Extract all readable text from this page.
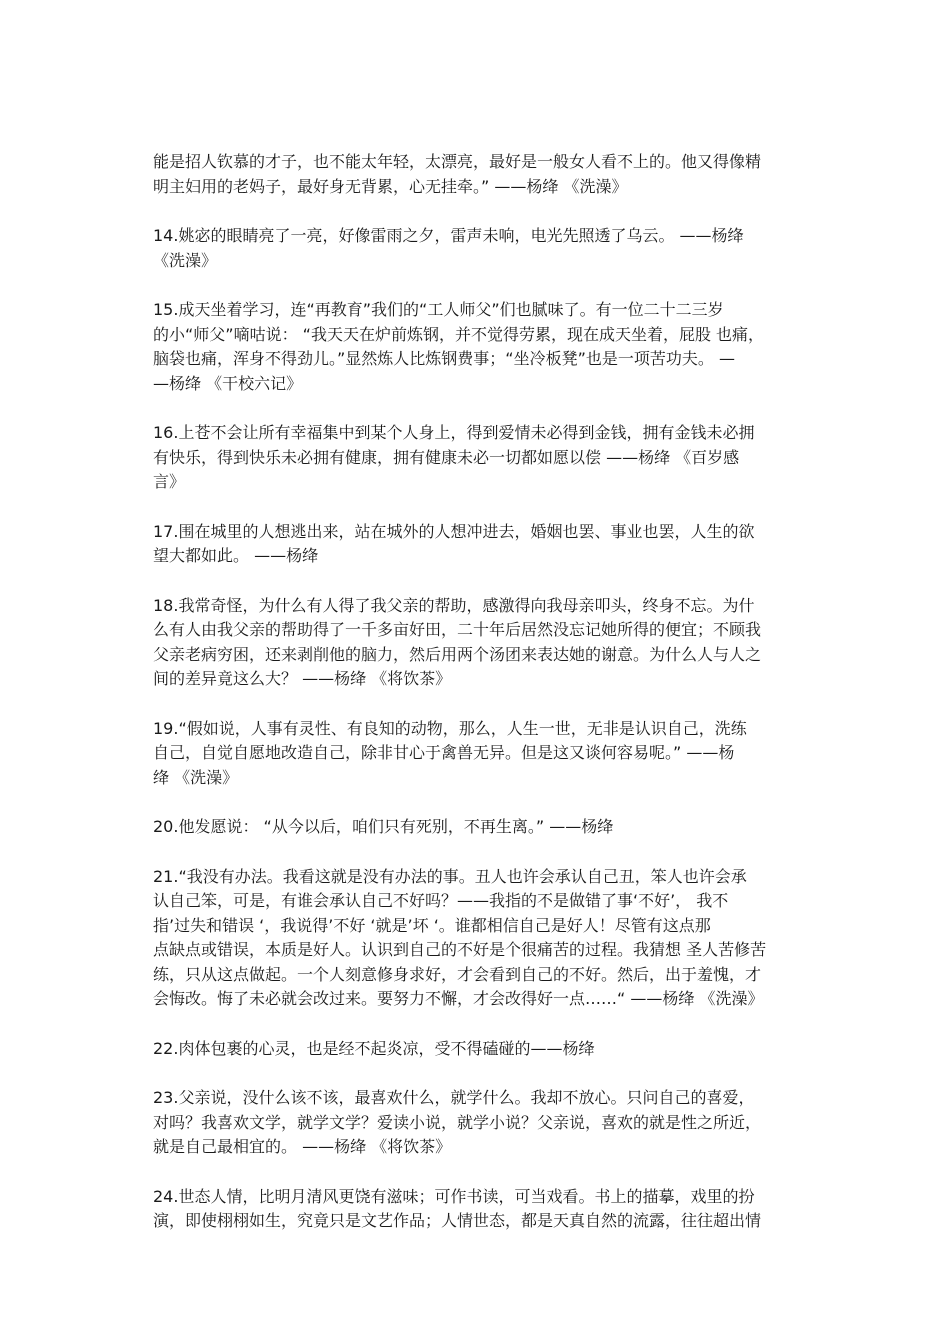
能是招人钦慕的才子，也不能太年轻，太漂亮，最好是一般女人看不上的。他又得像精
明主妇用的老妈子，最好身无背累，心无挂牵。” ——杨绛 《洗澡》

14.姚宓的眼睛亮了一亮，好像雷雨之夕，雷声未响，电光先照透了乌云。 ——杨绛
《洗澡》

15.成天坐着学习，连“再教育”我们的“工人师父”们也腻味了。有一位二十二三岁
的小“师父”嘀咕说： “我天天在炉前炼钢，并不觉得劳累，现在成天坐着，屁股 也痛，
脑袋也痛，浑身不得劲儿。”显然炼人比炼钢费事；“坐冷板凳”也是一项苦功夫。 —
—杨绛 《干校六记》

16.上苍不会让所有幸福集中到某个人身上，得到爱情未必得到金钱，拥有金钱未必拥
有快乐，得到快乐未必拥有健康，拥有健康未必一切都如愿以偿 ——杨绛 《百岁感
言》

17.围在城里的人想逃出来，站在城外的人想冲进去，婚姻也罢、事业也罢，人生的欲
望大都如此。 ——杨绛

18.我常奇怪，为什么有人得了我父亲的帮助，感激得向我母亲叩头，终身不忘。为什
么有人由我父亲的帮助得了一千多亩好田，二十年后居然没忘记她所得的便宜；不顾我
父亲老病穷困，还来剥削他的脑力，然后用两个汤团来表达她的谢意。为什么人与人之
间的差异竟这么大？ ——杨绛 《将饮茶》

19.“假如说，人事有灵性、有良知的动物，那么，人生一世，无非是认识自己，洗练
自己，自觉自愿地改造自己，除非甘心于禽兽无异。但是这又谈何容易呢。” ——杨
绛 《洗澡》

20.他发愿说： “从今以后，咱们只有死别，不再生离。” ——杨绛

21.“我没有办法。我看这就是没有办法的事。丑人也许会承认自己丑，笨人也许会承
认自己笨，可是，有谁会承认自己不好吗？——我指的不是做错了事‘不好’， 我不
指’过失和错误 ‘，我说得’不好 ‘就是’坏 ‘。谁都相信自己是好人！尽管有这点那
点缺点或错误，本质是好人。认识到自己的不好是个很痛苦的过程。我猜想 圣人苦修苦
练，只从这点做起。一个人刻意修身求好，才会看到自己的不好。然后，出于羞愧，才
会悔改。悔了未必就会改过来。要努力不懈，才会改得好一点……“ ——杨绛 《洗澡》

22.肉体包裹的心灵，也是经不起炎凉，受不得磕碰的——杨绛

23.父亲说，没什么该不该，最喜欢什么，就学什么。我却不放心。只问自己的喜爱，
对吗？我喜欢文学，就学文学？爱读小说，就学小说？父亲说，喜欢的就是性之所近，
就是自己最相宜的。 ——杨绛 《将饮茶》

24.世态人情，比明月清风更饶有滋味；可作书读，可当戏看。书上的描摹，戏里的扮
演，即使栩栩如生，究竟只是文艺作品；人情世态，都是天真自然的流露，往往超出情
